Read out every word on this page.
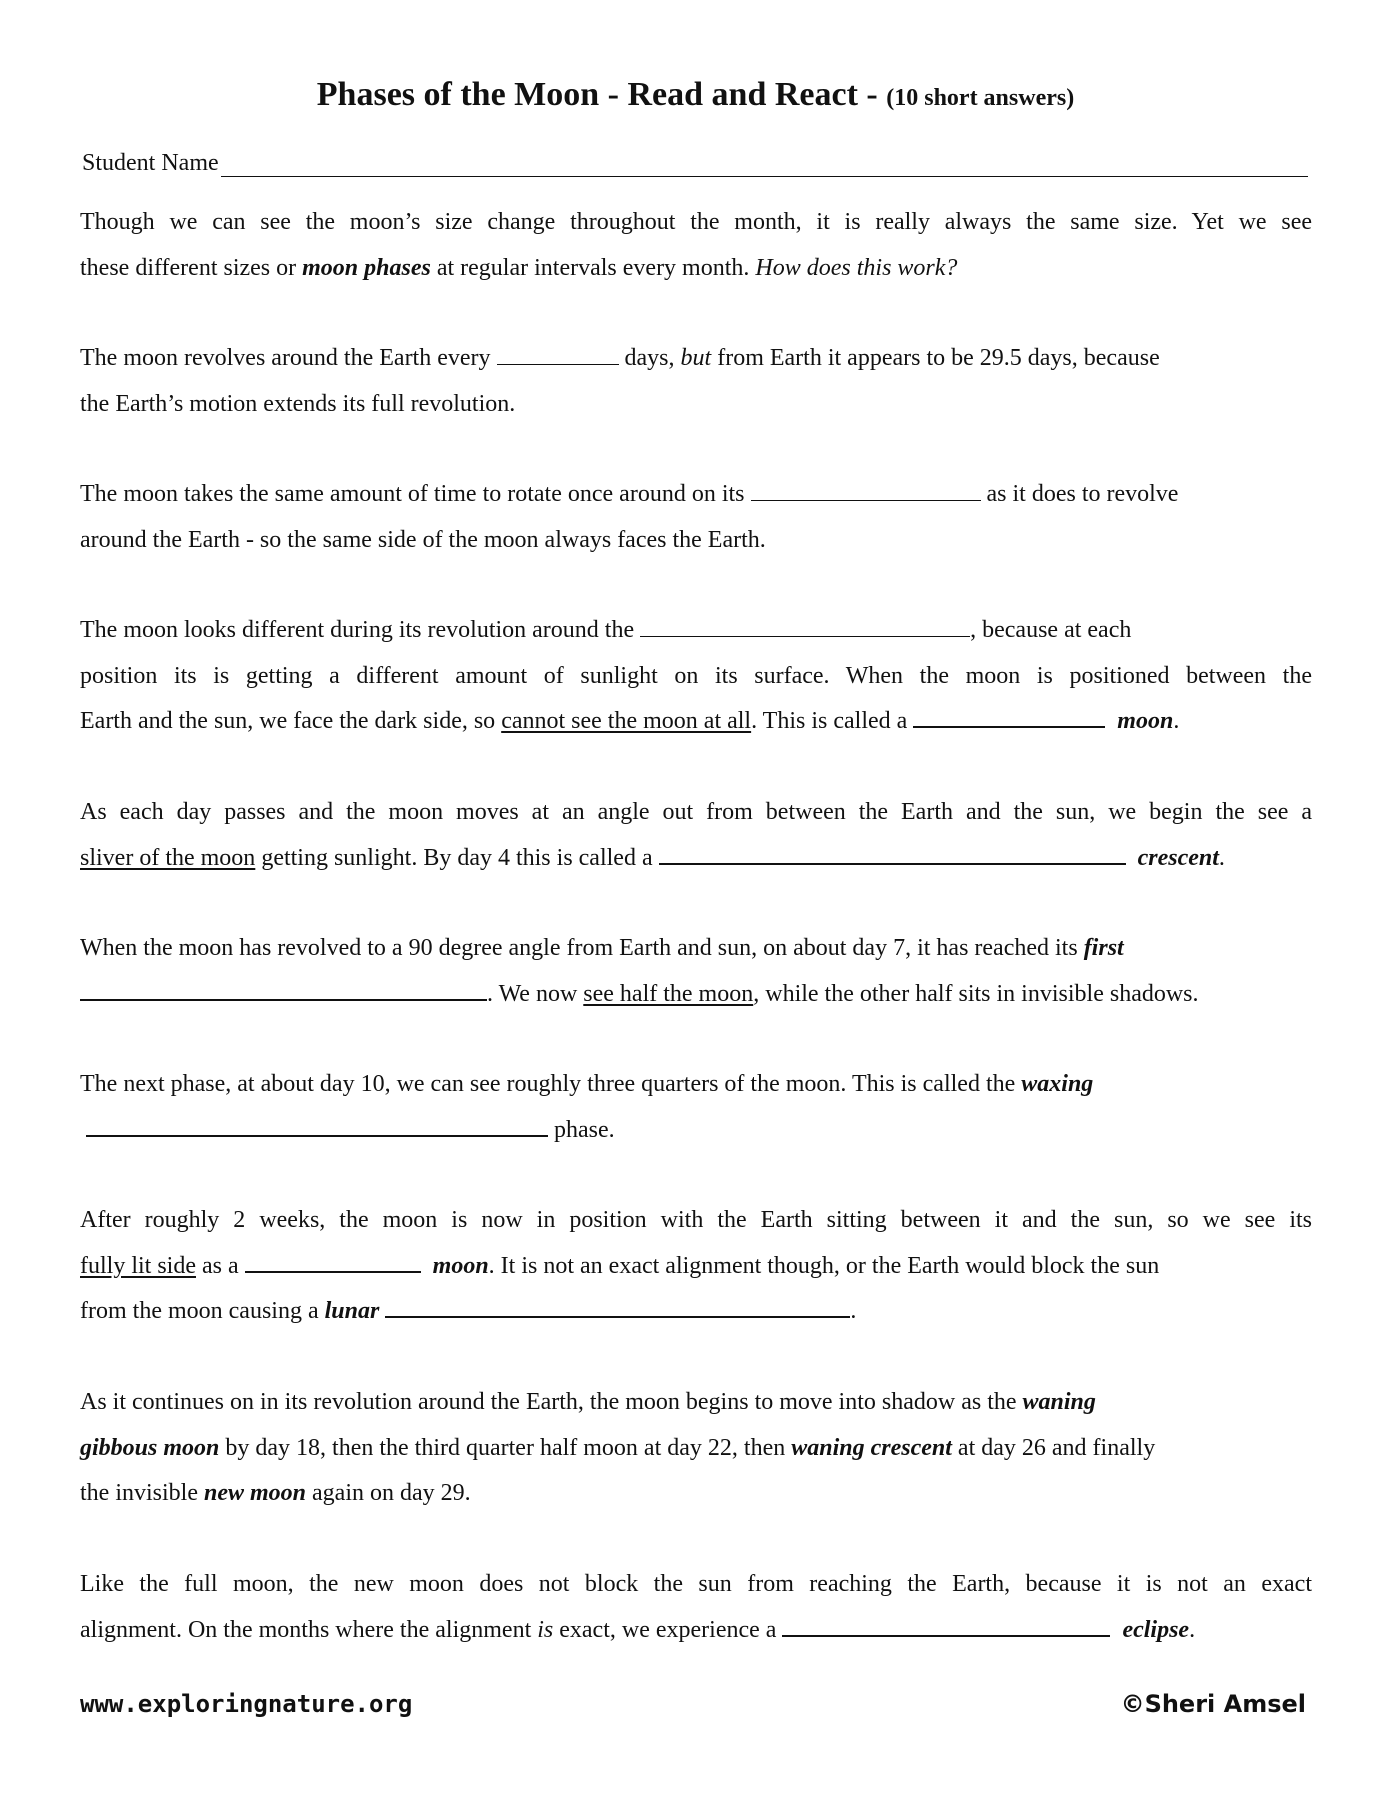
Phases of the Moon - Read and React - (10 short answers)
Student Name
Though we can see the moon’s size change throughout the month, it is really always the same size. Yet we see
these different sizes or moon phases at regular intervals every month. How does this work?
The moon revolves around the Earth every	days, but from Earth it appears to be 29.5 days, because
the Earth’s motion extends its full revolution.
The moon takes the same amount of time to rotate once around on its	as it does to revolve
around the Earth - so the same side of the moon always faces the Earth.
The moon looks different during its revolution around the	, because at each
position its is getting a different amount of sunlight on its surface. When the moon is positioned between the
Earth and the sun, we face the dark side, so cannot see the moon at all. This is called a	moon.
As each day passes and the moon moves at an angle out from between the Earth and the sun, we begin the see a
sliver of the moon getting sunlight. By day 4 this is called a	crescent.
When the moon has revolved to a 90 degree angle from Earth and sun, on about day 7, it has reached its first
. We now see half the moon, while the other half sits in invisible shadows.
The next phase, at about day 10, we can see roughly three quarters of the moon. This is called the waxing
phase.
After roughly 2 weeks, the moon is now in position with the Earth sitting between it and the sun, so we see its
fully lit side as a	moon. It is not an exact alignment though, or the Earth would block the sun
from the moon causing a lunar	.
As it continues on in its revolution around the Earth, the moon begins to move into shadow as the waning
gibbous moon by day 18, then the third quarter half moon at day 22, then waning crescent at day 26 and finally
the invisible new moon again on day 29.
Like the full moon, the new moon does not block the sun from reaching the Earth, because it is not an exact
alignment. On the months where the alignment is exact, we experience a	eclipse.
www.exploringnature.org	©Sheri Amsel
